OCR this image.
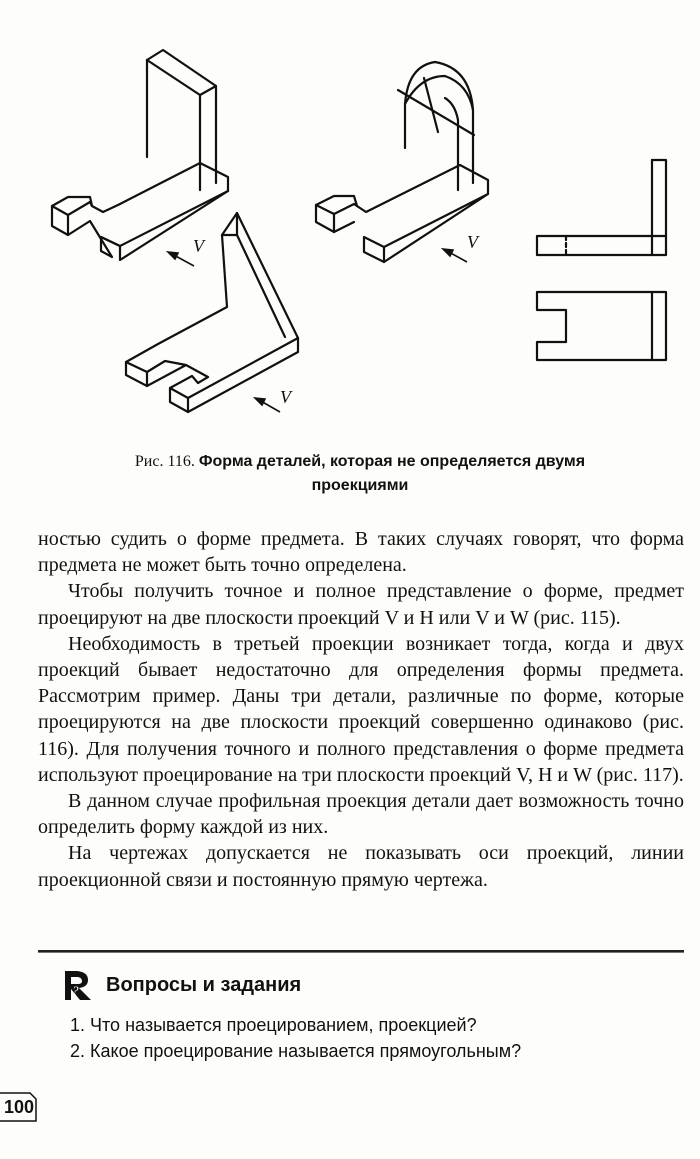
V	V
V
Рис. 116. Форма деталей, которая не определяется двумя проекциями

ностью судить о форме предмета. В таких случаях говорят, что форма предмета не может быть точно определена.

Чтобы получить точное и полное представление о форме, предмет проецируют на две плоскости проекций V и H или V и W (рис. 115).

Необходимость в третьей проекции возникает тогда, когда и двух проекций бывает недостаточно для определения формы предмета. Рассмотрим пример. Даны три детали, различные по форме, которые проецируются на две плоскости проекций совершенно одинаково (рис. 116). Для получения точного и полного представления о форме предмета используют проецирование на три плоскости проекций V, H и W (рис. 117).

В данном случае профильная проекция детали дает возможность точно определить форму каждой из них.

На чертежах допускается не показывать оси проекций, линии проекционной связи и постоянную прямую чертежа.

? Вопросы и задания
1. Что называется проецированием, проекцией?
2. Какое проецирование называется прямоугольным?
100
